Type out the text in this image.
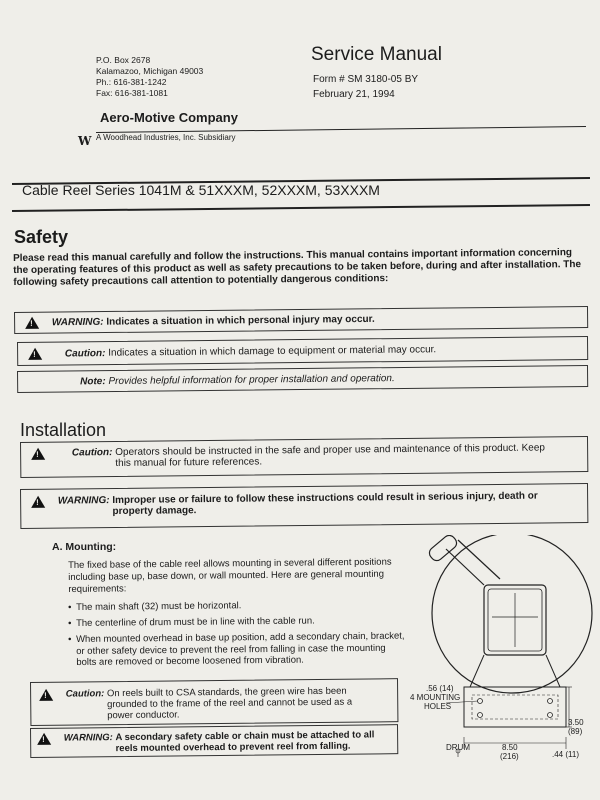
P.O. Box 2678
Kalamazoo, Michigan 49003
Ph.: 616-381-1242
Fax: 616-381-1081
Service Manual
Form # SM 3180-05 BY
February 21, 1994
Aero-Motive Company
W A Woodhead Industries, Inc. Subsidiary
Cable Reel Series 1041M & 51XXXM, 52XXXM, 53XXXM
Safety
Please read this manual carefully and follow the instructions. This manual contains important information concerning the operating features of this product as well as safety precautions to be taken before, during and after installation. The following safety precautions call attention to potentially dangerous conditions:
! WARNING: Indicates a situation in which personal injury may occur.
! Caution: Indicates a situation in which damage to equipment or material may occur.
Note: Provides helpful information for proper installation and operation.
Installation
! Caution: Operators should be instructed in the safe and proper use and maintenance of this product. Keep this manual for future references.
! WARNING: Improper use or failure to follow these instructions could result in serious injury, death or property damage.
A. Mounting:
The fixed base of the cable reel allows mounting in several different positions including base up, base down, or wall mounted. Here are general mounting requirements:
• The main shaft (32) must be horizontal.
• The centerline of drum must be in line with the cable run.
• When mounted overhead in base up position, add a secondary chain, bracket, or other safety device to prevent the reel from falling in case the mounting bolts are removed or become loosened from vibration.
! Caution: On reels built to CSA standards, the green wire has been grounded to the frame of the reel and cannot be used as a power conductor.
! WARNING: A secondary safety cable or chain must be attached to all reels mounted overhead to prevent reel from falling.
.56 (14)
4 MOUNTING
HOLES
3.50
(89)
DRUM	8.50
(216)	.44 (11)
